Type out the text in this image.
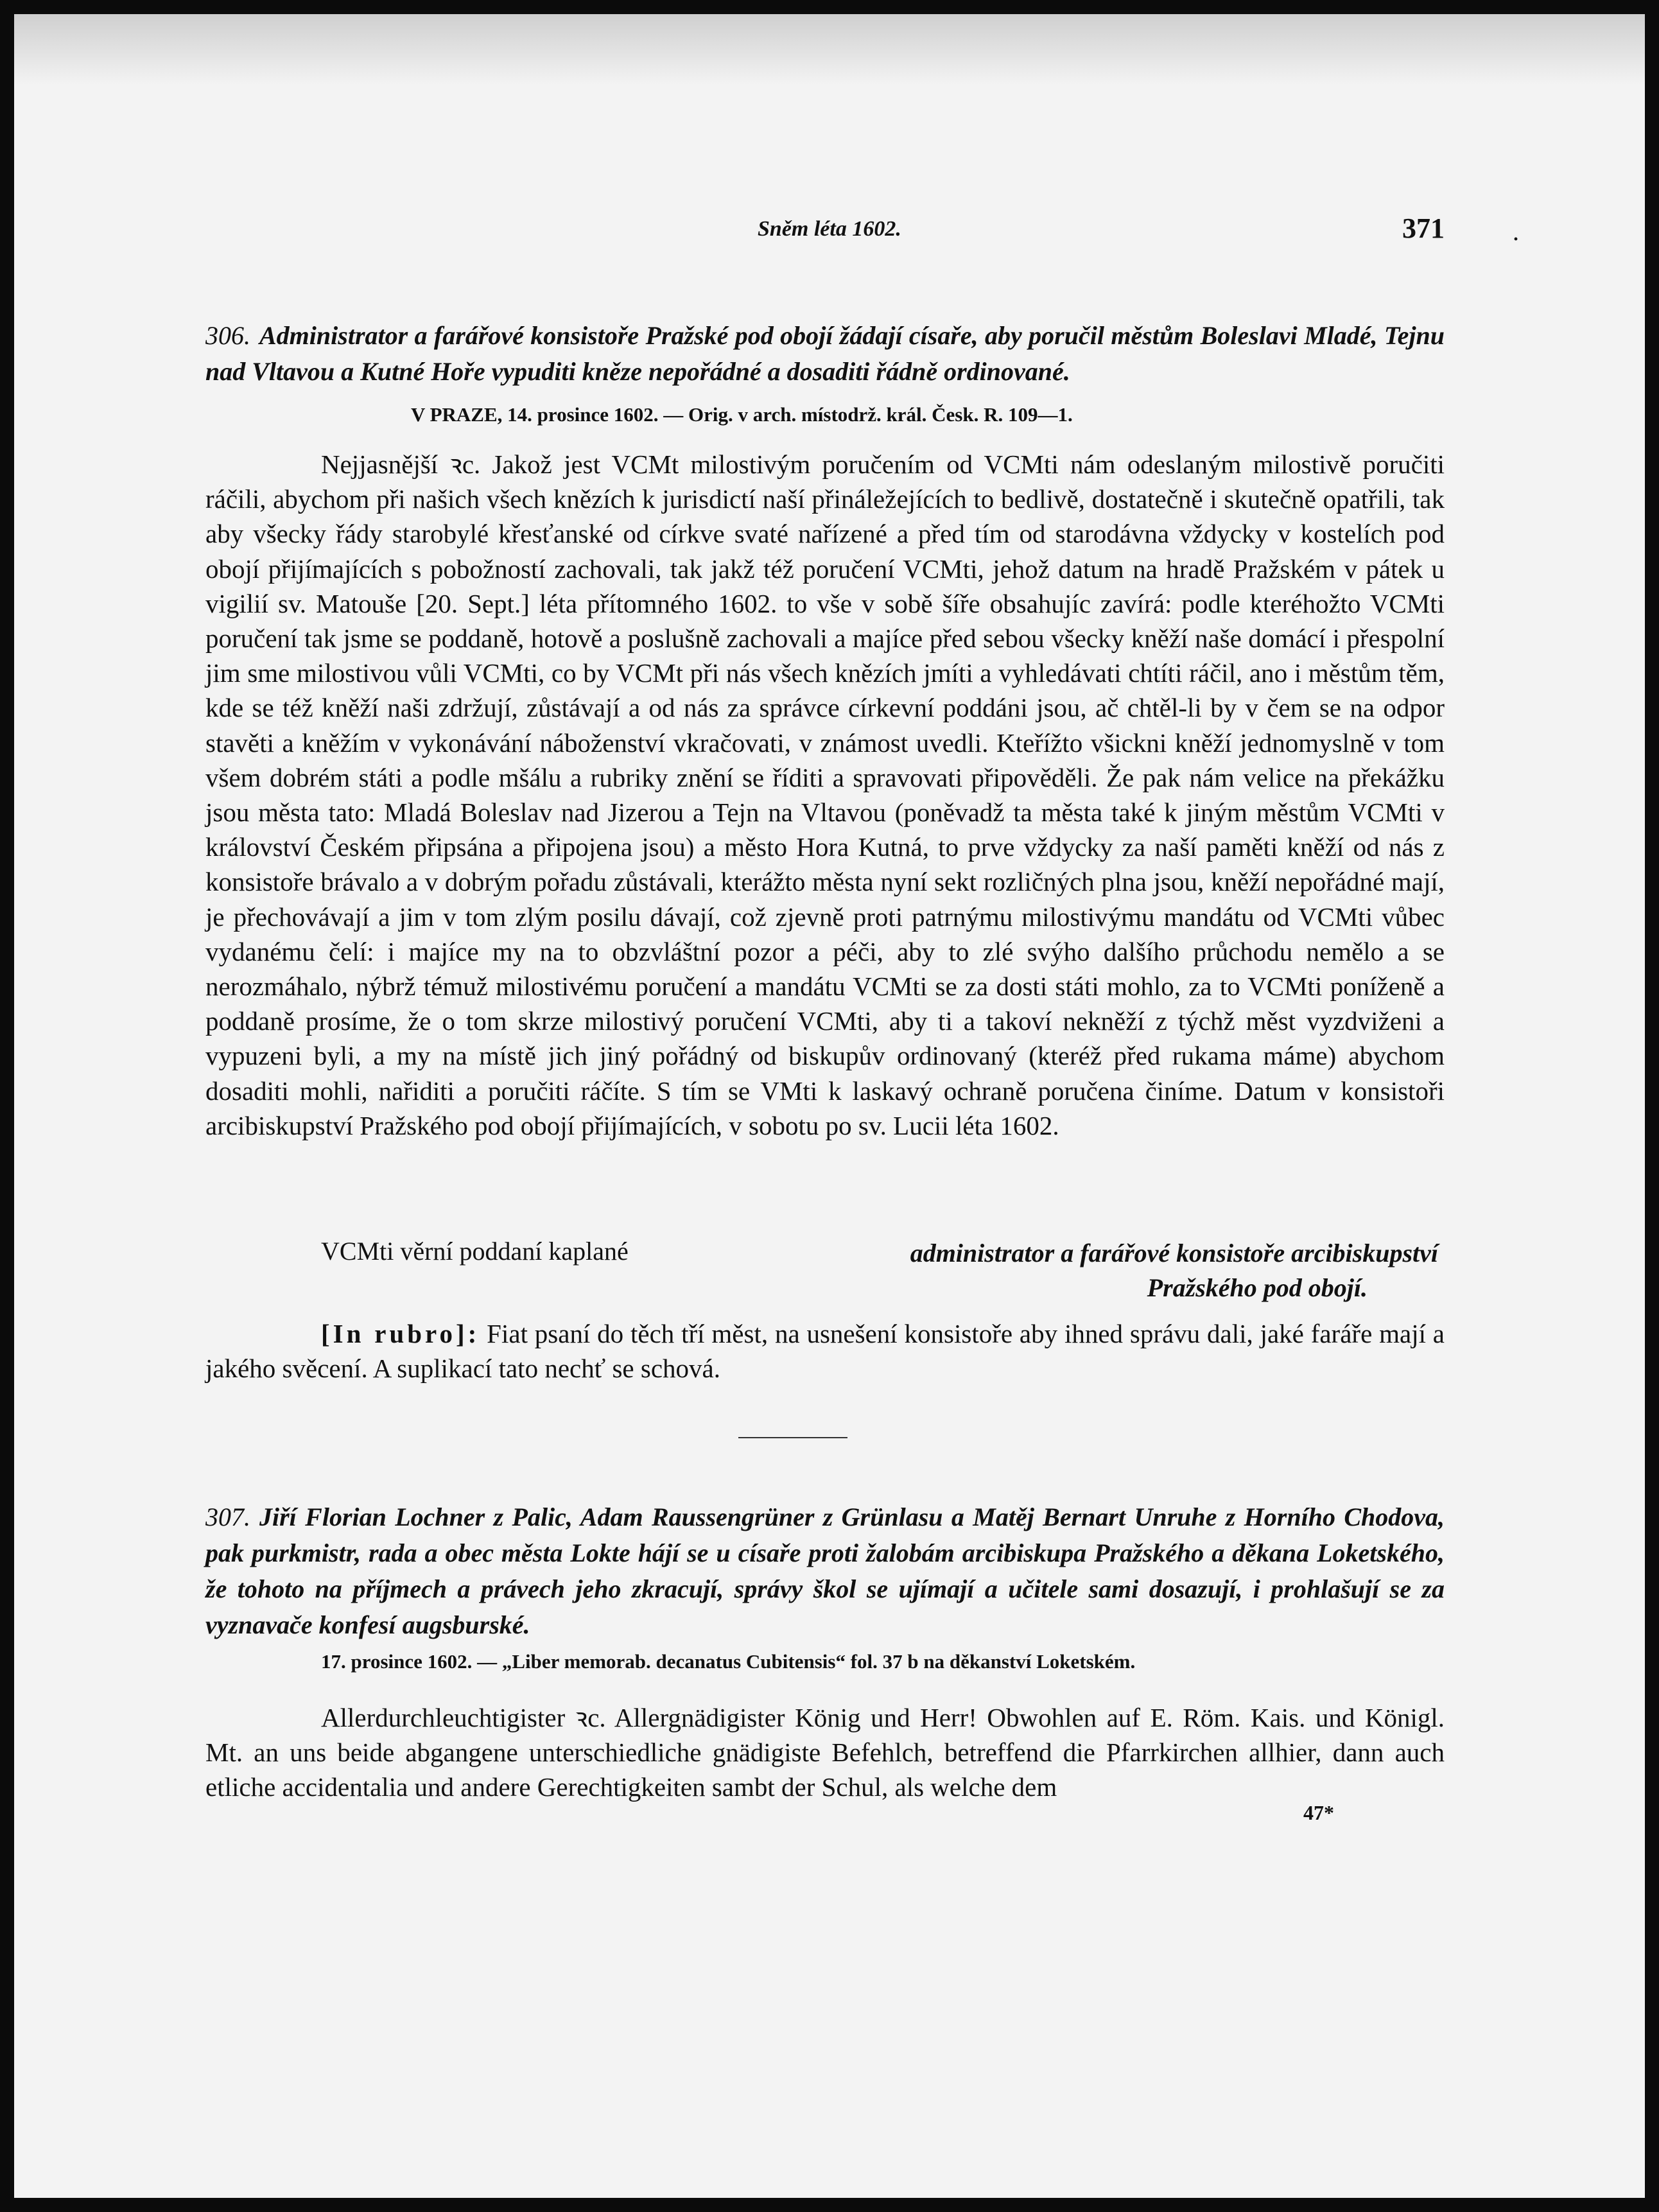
Sněm léta 1602.	371	·

306. Administrator a farářové konsistoře Pražské pod obojí žádají císaře, aby poručil městům Boleslavi Mladé, Tejnu nad Vltavou a Kutné Hoře vypuditi kněze nepořádné a dosaditi řádně ordinované.

V PRAZE, 14. prosince 1602. — Orig. v arch. místodrž. král. Česk. R. 109—1.

Nejjasnější ꝛc. Jakož jest VCMt milostivým poručením od VCMti nám odeslaným milostivě poručiti ráčili, abychom při našich všech knězích k jurisdictí naší přináležejících to bedlivě, dostatečně i skutečně opatřili, tak aby všecky řády starobylé křesťanské od církve svaté nařízené a před tím od starodávna vždycky v kostelích pod obojí přijímajících s pobožností zachovali, tak jakž též poručení VCMti, jehož datum na hradě Pražském v pátek u vigilií sv. Matouše [20. Sept.] léta přítomného 1602. to vše v sobě šíře obsahujíc zavírá: podle kteréhožto VCMti poručení tak jsme se poddaně, hotově a poslušně zachovali a majíce před sebou všecky kněží naše domácí i přespolní jim sme milostivou vůli VCMti, co by VCMt při nás všech knězích jmíti a vyhledávati chtíti ráčil, ano i městům těm, kde se též kněží naši zdržují, zůstávají a od nás za správce církevní poddáni jsou, ač chtěl-li by v čem se na odpor stavěti a kněžím v vykonávání náboženství vkračovati, v známost uvedli. Kteřížto všickni kněží jednomyslně v tom všem dobrém státi a podle mšálu a rubriky znění se říditi a spravovati připověděli. Že pak nám velice na překážku jsou města tato: Mladá Boleslav nad Jizerou a Tejn na Vltavou (poněvadž ta města také k jiným městům VCMti v království Českém připsána a připojena jsou) a město Hora Kutná, to prve vždycky za naší paměti kněží od nás z konsistoře brávalo a v dobrým pořadu zůstávali, kterážto města nyní sekt rozličných plna jsou, kněží nepořádné mají, je přechovávají a jim v tom zlým posilu dávají, což zjevně proti patrnýmu milostivýmu mandátu od VCMti vůbec vydanému čelí: i majíce my na to obzvláštní pozor a péči, aby to zlé svýho dalšího průchodu nemělo a se nerozmáhalo, nýbrž témuž milostivému poručení a mandátu VCMti se za dosti státi mohlo, za to VCMti poníženě a poddaně prosíme, že o tom skrze milostivý poručení VCMti, aby ti a takoví nekněží z týchž měst vyzdviženi a vypuzeni byli, a my na místě jich jiný pořádný od biskupův ordinovaný (kteréž před rukama máme) abychom dosaditi mohli, nařiditi a poručiti ráčíte. S tím se VMti k laskavý ochraně poručena činíme. Datum v konsistoři arcibiskupství Pražského pod obojí přijímajících, v sobotu po sv. Lucii léta 1602.

VCMti věrní poddaní kaplané	administrator a farářové konsistoře arcibiskupství
Pražského pod obojí.

[In rubro]: Fiat psaní do těch tří měst, na usnešení konsistoře aby ihned správu dali, jaké faráře mají a jakého svěcení. A suplikací tato nechť se schová.

307. Jiří Florian Lochner z Palic, Adam Raussengrüner z Grünlasu a Matěj Bernart Unruhe z Horního Chodova, pak purkmistr, rada a obec města Lokte hájí se u císaře proti žalobám arcibiskupa Pražského a děkana Loketského, že tohoto na příjmech a právech jeho zkracují, správy škol se ujímají a učitele sami dosazují, i prohlašují se za vyznavače konfesí augsburské.

17. prosince 1602. — „Liber memorab. decanatus Cubitensis“ fol. 37 b na děkanství Loketském.

Allerdurchleuchtigister ꝛc. Allergnädigister König und Herr! Obwohlen auf E. Röm. Kais. und Königl. Mt. an uns beide abgangene unterschiedliche gnädigiste Befehlch, betreffend die Pfarrkirchen allhier, dann auch etliche accidentalia und andere Gerechtigkeiten sambt der Schul, als welche dem

47*
